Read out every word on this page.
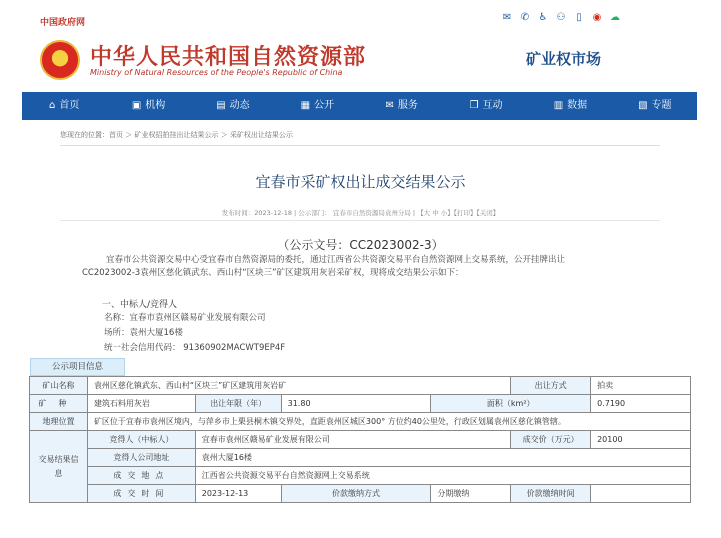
中国政府网	✉ ✆ ♿ ⚇	▯	◉ ☁
中华人民共和国自然资源部
Ministry of Natural Resources of the People's Republic of China
矿业权市场
⌂ 首页	▣ 机构	▤ 动态	▦ 公开	✉ 服务	❐ 互动	▥ 数据	▧ 专题
您现在的位置：首页 ＞ 矿业权招拍挂出让结果公示 ＞ 采矿权出让结果公示
宜春市采矿权出让成交结果公示
发布时间：2023-12-18 | 公示部门： 宜春市自然资源局袁州分局 | 【大 中 小】【打印】【关闭】
（公示文号：CC2023002-3）
宜春市公共资源交易中心受宜春市自然资源局的委托，通过江西省公共资源交易平台自然资源网上交易系统，公开挂牌出让CC2023002-3袁州区慈化镇武东、西山村“区块三”矿区建筑用灰岩采矿权，现将成交结果公示如下：
一、中标人/竞得人
名称：宜春市袁州区赣易矿业发展有限公司
场所：袁州大厦16楼
统一社会信用代码： 91360902MACWT9EP4F
公示项目信息
矿山名称	袁州区慈化镇武东、西山村“区块三”矿区建筑用灰岩矿				出让方式	拍卖
矿种	建筑石料用灰岩	出让年限（年）	31.80	面积（km²）		0.7190
地理位置	矿区位于宜春市袁州区境内，与萍乡市上栗县桐木镇交界处，直距袁州区城区300° 方位约40公里处，行政区划属袁州区慈化镇管辖。					
交易结果信息	竞得人（中标人）	宜春市袁州区赣易矿业发展有限公司			成交价（万元）	20100
	竞得人公司地址	袁州大厦16楼				
	成交地点	江西省公共资源交易平台自然资源网上交易系统				
	成交时间	2023-12-13	价款缴纳方式	分期缴纳	价款缴纳时间	
